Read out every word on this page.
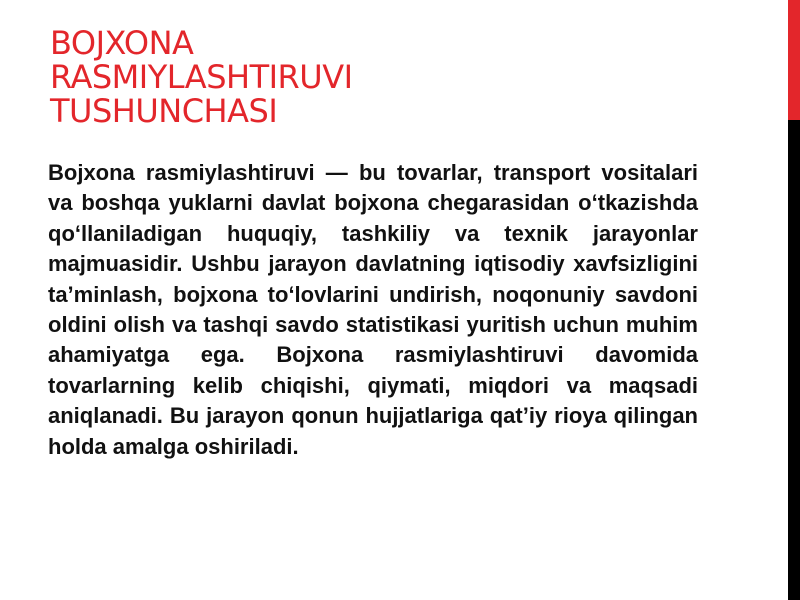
BOJXONA
RASMIYLASHTIRUVI
TUSHUNCHASI

Bojxona rasmiylashtiruvi — bu tovarlar, transport vositalari va boshqa yuklarni davlat bojxona chegarasidan o‘tkazishda qo‘llaniladigan huquqiy, tashkiliy va texnik jarayonlar majmuasidir. Ushbu jarayon davlatning iqtisodiy xavfsizligini ta’minlash, bojxona to‘lovlarini undirish, noqonuniy savdoni oldini olish va tashqi savdo statistikasi yuritish uchun muhim ahamiyatga ega. Bojxona rasmiylashtiruvi davomida tovarlarning kelib chiqishi, qiymati, miqdori va maqsadi aniqlanadi. Bu jarayon qonun hujjatlariga qat’iy rioya qilingan holda amalga oshiriladi.
